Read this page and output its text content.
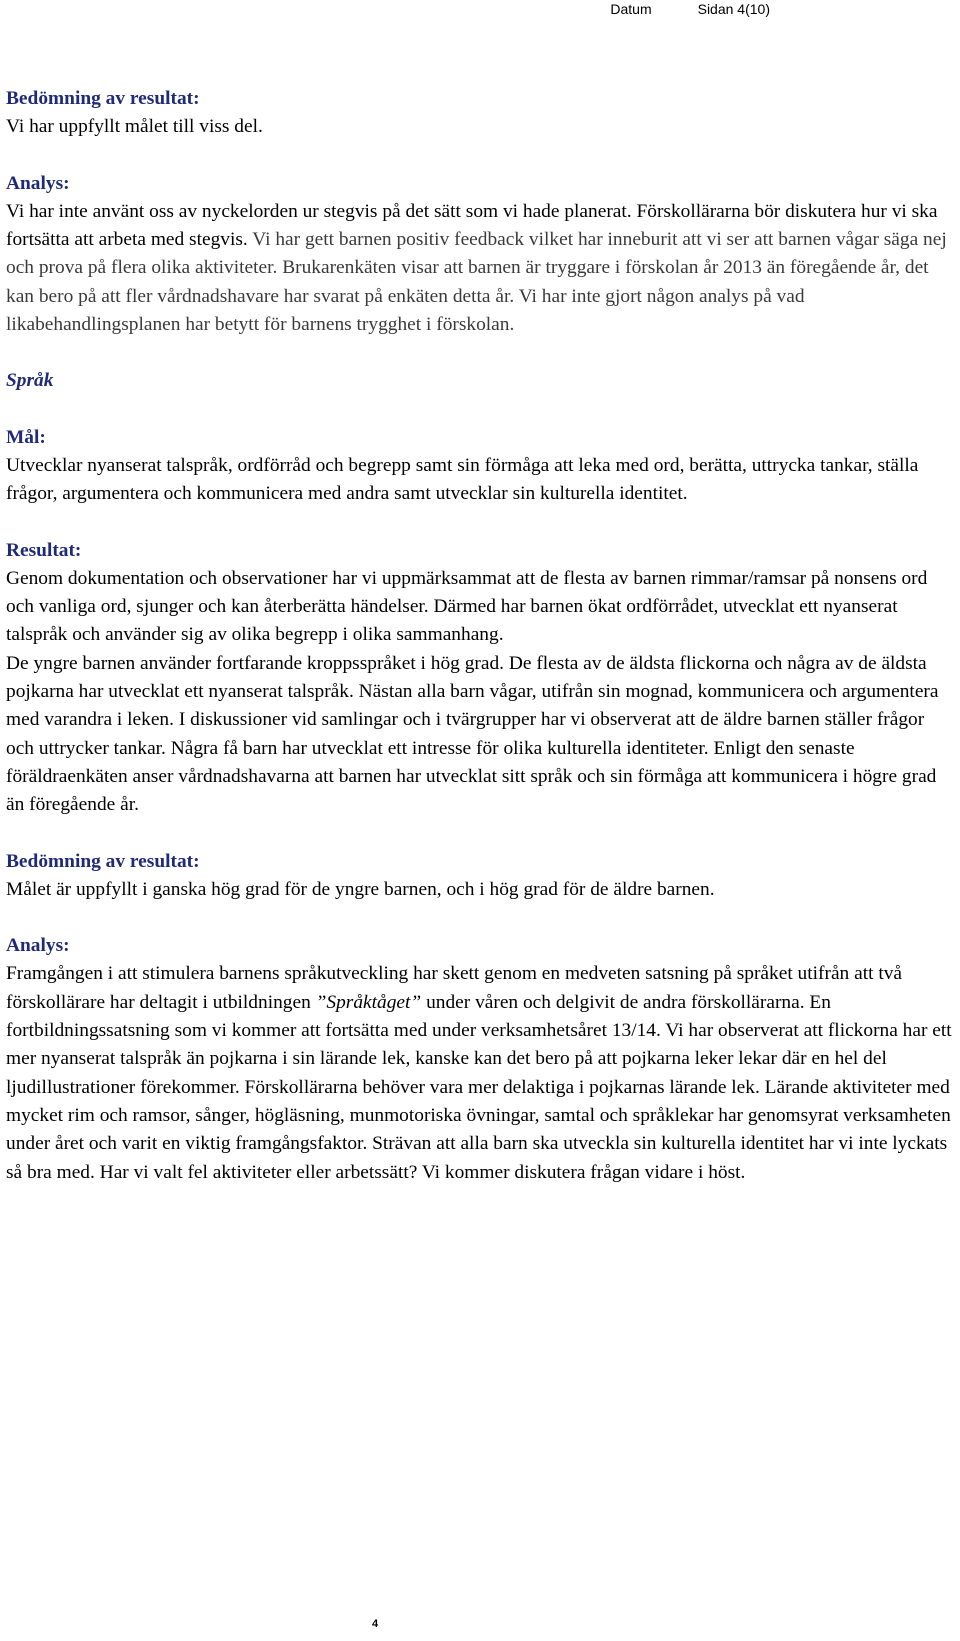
Datum	Sidan 4(10)

Bedömning av resultat:

Vi har uppfyllt målet till viss del.

Analys:

Vi har inte använt oss av nyckelorden ur stegvis på det sätt som vi hade planerat. Förskollärarna bör diskutera hur vi ska fortsätta att arbeta med stegvis. Vi har gett barnen positiv feedback vilket har inneburit att vi ser att barnen vågar säga nej och prova på flera olika aktiviteter. Brukarenkäten visar att barnen är tryggare i förskolan år 2013 än föregående år, det kan bero på att fler vårdnadshavare har svarat på enkäten detta år. Vi har inte gjort någon analys på vad likabehandlingsplanen har betytt för barnens trygghet i förskolan.

Språk

Mål:

Utvecklar nyanserat talspråk, ordförråd och begrepp samt sin förmåga att leka med ord, berätta, uttrycka tankar, ställa frågor, argumentera och kommunicera med andra samt utvecklar sin kulturella identitet.

Resultat:

Genom dokumentation och observationer har vi uppmärksammat att de flesta av barnen rimmar/ramsar på nonsens ord och vanliga ord, sjunger och kan återberätta händelser. Därmed har barnen ökat ordförrådet, utvecklat ett nyanserat talspråk och använder sig av olika begrepp i olika sammanhang.

De yngre barnen använder fortfarande kroppsspråket i hög grad. De flesta av de äldsta flickorna och några av de äldsta pojkarna har utvecklat ett nyanserat talspråk. Nästan alla barn vågar, utifrån sin mognad, kommunicera och argumentera med varandra i leken. I diskussioner vid samlingar och i tvärgrupper har vi observerat att de äldre barnen ställer frågor och uttrycker tankar. Några få barn har utvecklat ett intresse för olika kulturella identiteter. Enligt den senaste föräldraenkäten anser vårdnadshavarna att barnen har utvecklat sitt språk och sin förmåga att kommunicera i högre grad än föregående år.

Bedömning av resultat:

Målet är uppfyllt i ganska hög grad för de yngre barnen, och i hög grad för de äldre barnen.

Analys:

Framgången i att stimulera barnens språkutveckling har skett genom en medveten satsning på språket utifrån att två förskollärare har deltagit i utbildningen ”Språktåget” under våren och delgivit de andra förskollärarna. En fortbildningssatsning som vi kommer att fortsätta med under verksamhetsåret 13/14. Vi har observerat att flickorna har ett mer nyanserat talspråk än pojkarna i sin lärande lek, kanske kan det bero på att pojkarna leker lekar där en hel del ljudillustrationer förekommer. Förskollärarna behöver vara mer delaktiga i pojkarnas lärande lek. Lärande aktiviteter med mycket rim och ramsor, sånger, högläsning, munmotoriska övningar, samtal och språklekar har genomsyrat verksamheten under året och varit en viktig framgångsfaktor. Strävan att alla barn ska utveckla sin kulturella identitet har vi inte lyckats så bra med. Har vi valt fel aktiviteter eller arbetssätt? Vi kommer diskutera frågan vidare i höst.

4
